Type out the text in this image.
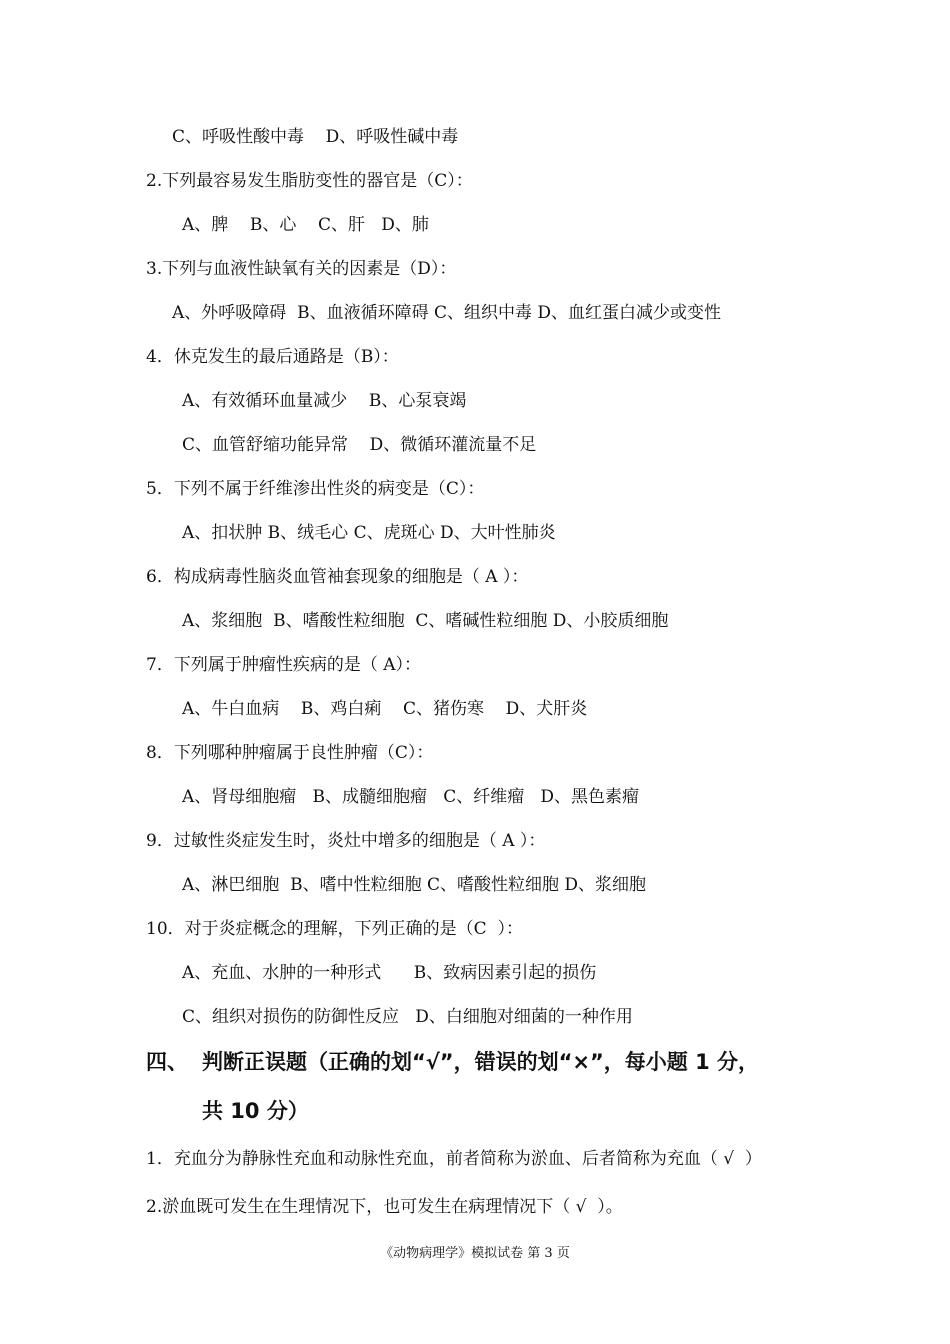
C、呼吸性酸中毒    D、呼吸性碱中毒
2.下列最容易发生脂肪变性的器官是（C）：
A、脾    B、心    C、肝   D、肺
3.下列与血液性缺氧有关的因素是（D）：
A、外呼吸障碍  B、血液循环障碍 C、组织中毒 D、血红蛋白减少或变性
4．休克发生的最后通路是（B）：
A、有效循环血量减少    B、心泵衰竭
C、血管舒缩功能异常    D、微循环灌流量不足
5．下列不属于纤维渗出性炎的病变是（C）：
A、扣状肿 B、绒毛心 C、虎斑心 D、大叶性肺炎
6．构成病毒性脑炎血管袖套现象的细胞是（ A ）：
A、浆细胞  B、嗜酸性粒细胞  C、嗜碱性粒细胞 D、小胶质细胞
7．下列属于肿瘤性疾病的是（ A）：
A、牛白血病    B、鸡白痢    C、猪伤寒    D、犬肝炎
8．下列哪种肿瘤属于良性肿瘤（C）：
A、肾母细胞瘤   B、成髓细胞瘤   C、纤维瘤   D、黑色素瘤
9．过敏性炎症发生时，炎灶中增多的细胞是（ A ）：
A、淋巴细胞  B、嗜中性粒细胞 C、嗜酸性粒细胞 D、浆细胞
10．对于炎症概念的理解，下列正确的是（C  ）：
A、充血、水肿的一种形式      B、致病因素引起的损伤
C、组织对损伤的防御性反应   D、白细胞对细菌的一种作用
四、 判断正误题（正确的划“√”，错误的划“×”，每小题 1 分，
共 10 分）
1．充血分为静脉性充血和动脉性充血，前者简称为淤血、后者简称为充血（ √  ）
2.淤血既可发生在生理情况下，也可发生在病理情况下（ √  ）。
《动物病理学》模拟试卷 第 3 页
